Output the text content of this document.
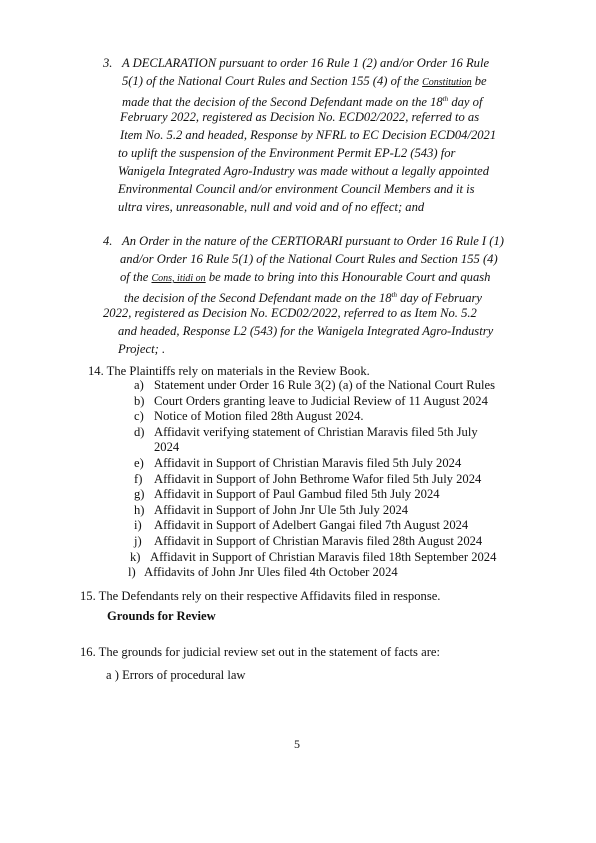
3. A DECLARATION pursuant to order 16 Rule 1 (2) and/or Order 16 Rule
5(1) of the National Court Rules and Section 155 (4) of the Constitution be
made that the decision of the Second Defendant made on the 18th day of
February 2022, registered as Decision No. ECD02/2022, referred to as
Item No. 5.2 and headed, Response by NFRL to EC Decision ECD04/2021
to uplift the suspension of the Environment Permit EP-L2 (543) for
Wanigela Integrated Agro-Industry was made without a legally appointed
Environmental Council and/or environment Council Members and it is
ultra vires, unreasonable, null and void and of no effect; and
4. An Order in the nature of the CERTIORARI pursuant to Order 16 Rule I (1)
and/or Order 16 Rule 5(1) of the National Court Rules and Section 155 (4)
of the Cons, itidi on be made to bring into this Honourable Court and quash
the decision of the Second Defendant made on the 18th day of February
2022, registered as Decision No. ECD02/2022, referred to as Item No. 5.2
and headed, Response L2 (543) for the Wanigela Integrated Agro-Industry
Project; .
14. The Plaintiffs rely on materials in the Review Book.
a) Statement under Order 16 Rule 3(2) (a) of the National Court Rules
b) Court Orders granting leave to Judicial Review of 11 August 2024
c) Notice of Motion filed 28th August 2024.
d) Affidavit verifying statement of Christian Maravis filed 5th July
2024
e) Affidavit in Support of Christian Maravis filed 5th July 2024
f) Affidavit in Support of John Bethrome Wafor filed 5th July 2024
g) Affidavit in Support of Paul Gambud filed 5th July 2024
h) Affidavit in Support of John Jnr Ule 5th July 2024
i) Affidavit in Support of Adelbert Gangai filed 7th August 2024
j) Affidavit in Support of Christian Maravis filed 28th August 2024
k) Affidavit in Support of Christian Maravis filed 18th September 2024
l) Affidavits of John Jnr Ules filed 4th October 2024
15. The Defendants rely on their respective Affidavits filed in response.
Grounds for Review
16. The grounds for judicial review set out in the statement of facts are:
a ) Errors of procedural law
5
